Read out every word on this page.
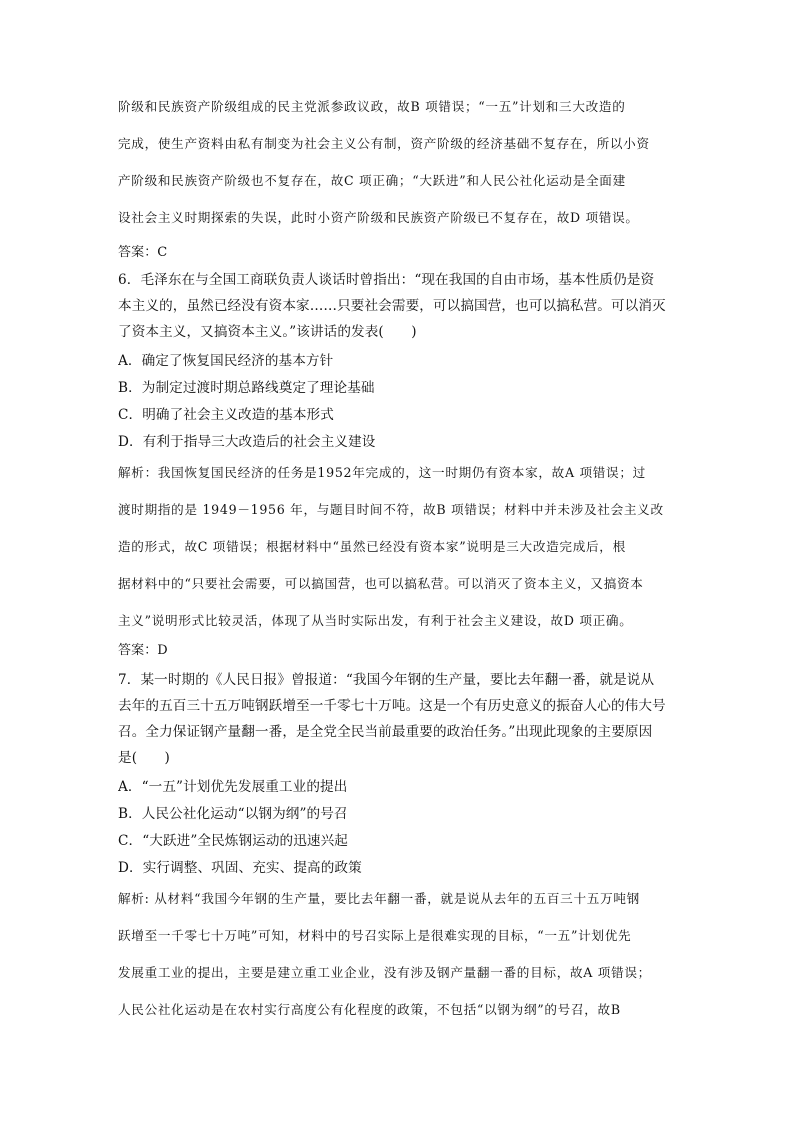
阶级和民族资产阶级组成的民主党派参政议政，故B 项错误；“一五”计划和三大改造的
完成，使生产资料由私有制变为社会主义公有制，资产阶级的经济基础不复存在，所以小资
产阶级和民族资产阶级也不复存在，故C 项正确；“大跃进”和人民公社化运动是全面建
设社会主义时期探索的失误，此时小资产阶级和民族资产阶级已不复存在，故D 项错误。
答案：C
6．毛泽东在与全国工商联负责人谈话时曾指出：“现在我国的自由市场，基本性质仍是资
本主义的，虽然已经没有资本家……只要社会需要，可以搞国营，也可以搞私营。可以消灭
了资本主义，又搞资本主义。”该讲话的发表(　　)
A．确定了恢复国民经济的基本方针
B．为制定过渡时期总路线奠定了理论基础
C．明确了社会主义改造的基本形式
D．有利于指导三大改造后的社会主义建设
解析：我国恢复国民经济的任务是1952年完成的，这一时期仍有资本家，故A 项错误；过
渡时期指的是 1949－1956 年，与题目时间不符，故B 项错误；材料中并未涉及社会主义改
造的形式，故C 项错误；根据材料中“虽然已经没有资本家”说明是三大改造完成后，根
据材料中的“只要社会需要，可以搞国营，也可以搞私营。可以消灭了资本主义，又搞资本
主义”说明形式比较灵活，体现了从当时实际出发，有利于社会主义建设，故D 项正确。
答案：D
7．某一时期的《人民日报》曾报道：“我国今年钢的生产量，要比去年翻一番，就是说从
去年的五百三十五万吨钢跃增至一千零七十万吨。这是一个有历史意义的振奋人心的伟大号
召。全力保证钢产量翻一番，是全党全民当前最重要的政治任务。”出现此现象的主要原因
是(　　)
A．“一五”计划优先发展重工业的提出
B．人民公社化运动“以钢为纲”的号召
C．“大跃进”全民炼钢运动的迅速兴起
D．实行调整、巩固、充实、提高的政策
解析: 从材料“我国今年钢的生产量，要比去年翻一番，就是说从去年的五百三十五万吨钢
跃增至一千零七十万吨”可知，材料中的号召实际上是很难实现的目标，“一五”计划优先
发展重工业的提出，主要是建立重工业企业，没有涉及钢产量翻一番的目标，故A 项错误；
人民公社化运动是在农村实行高度公有化程度的政策，不包括“以钢为纲”的号召，故B
